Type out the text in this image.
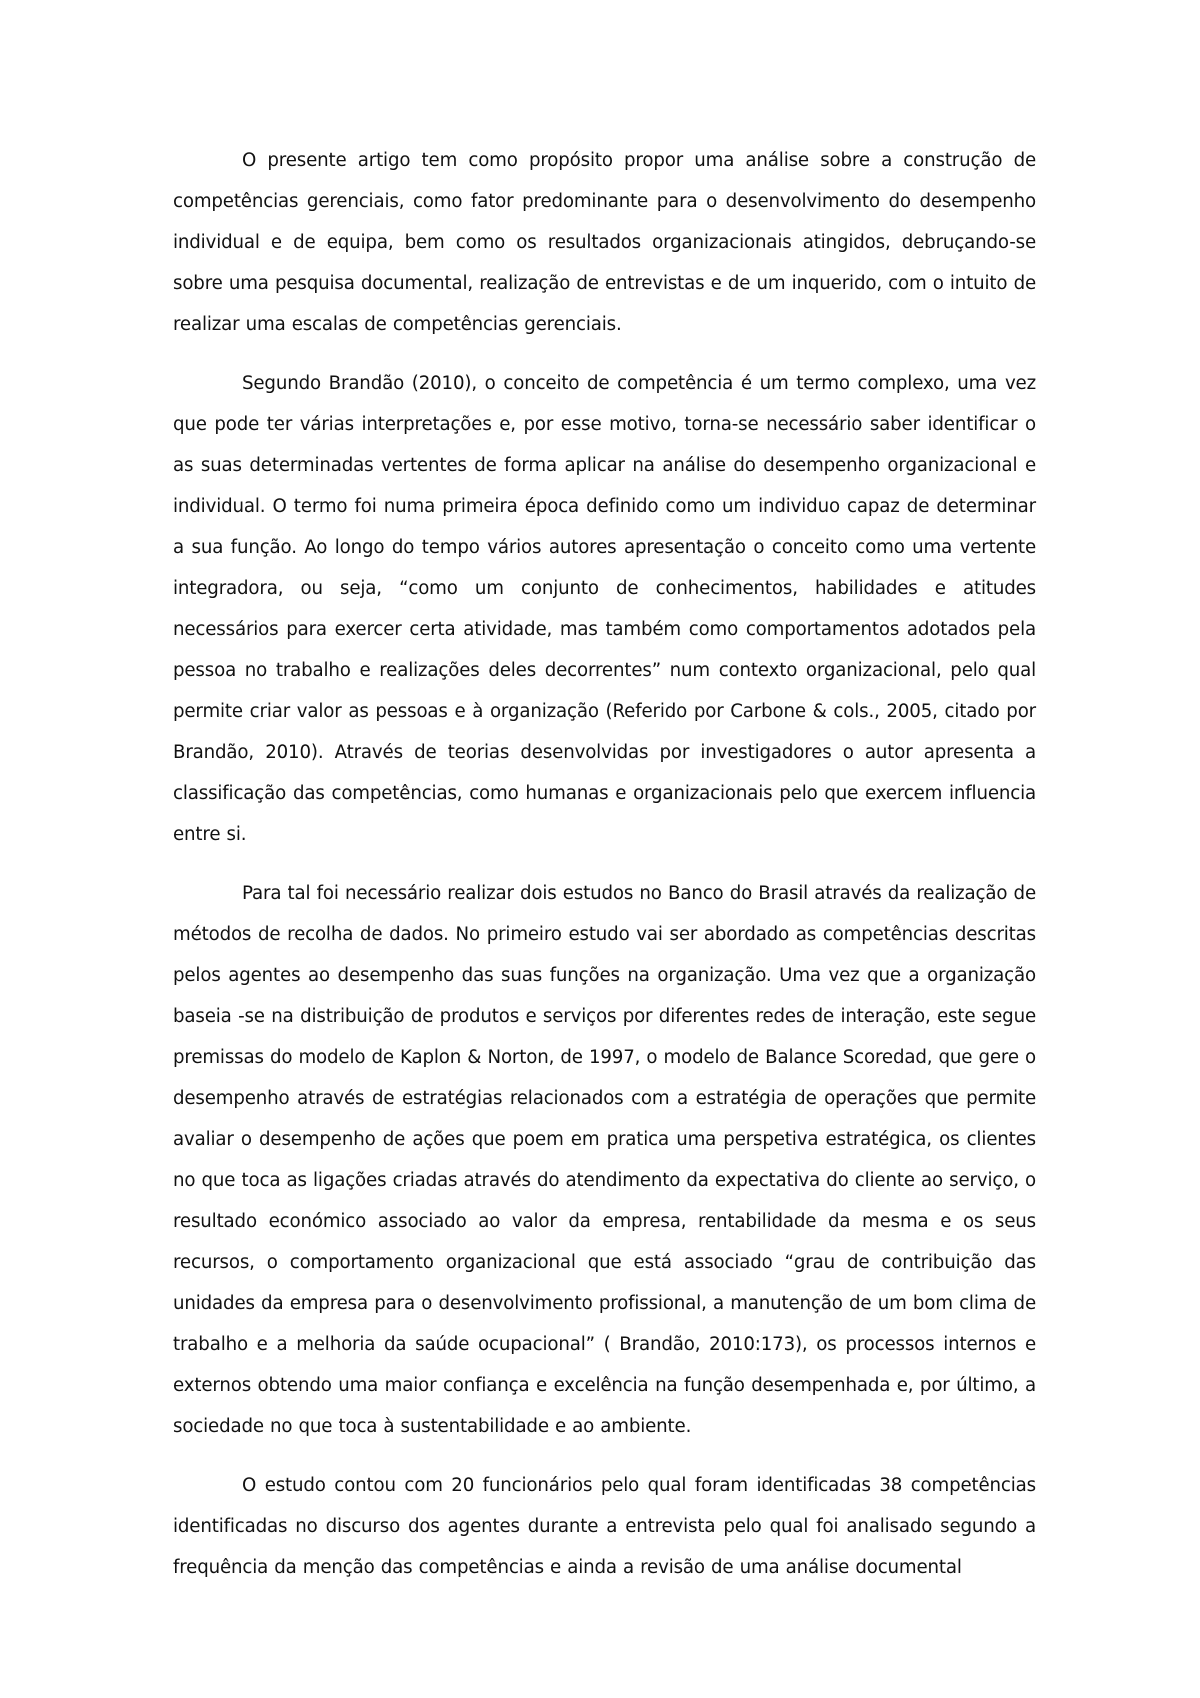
O presente artigo tem como propósito propor uma análise sobre a construção de competências gerenciais, como fator predominante para o desenvolvimento do desempenho individual e de equipa, bem como os resultados organizacionais atingidos, debruçando-se sobre uma pesquisa documental, realização de entrevistas e de um inquerido, com o intuito de realizar uma escalas de competências gerenciais.

Segundo Brandão (2010), o conceito de competência é um termo complexo, uma vez que pode ter várias interpretações e, por esse motivo, torna-se necessário saber identificar o as suas determinadas vertentes de forma aplicar na análise do desempenho organizacional e individual. O termo foi numa primeira época definido como um individuo capaz de determinar a sua função. Ao longo do tempo vários autores apresentação o conceito como uma vertente integradora, ou seja, “como um conjunto de conhecimentos, habilidades e atitudes necessários para exercer certa atividade, mas também como comportamentos adotados pela pessoa no trabalho e realizações deles decorrentes” num contexto organizacional, pelo qual permite criar valor as pessoas e à organização (Referido por Carbone & cols., 2005, citado por Brandão, 2010). Através de teorias desenvolvidas por investigadores o autor apresenta a classificação das competências, como humanas e organizacionais pelo que exercem influencia entre si.

Para tal foi necessário realizar dois estudos no Banco do Brasil através da realização de métodos de recolha de dados. No primeiro estudo vai ser abordado as competências descritas pelos agentes ao desempenho das suas funções na organização. Uma vez que a organização baseia -se na distribuição de produtos e serviços por diferentes redes de interação, este segue premissas do modelo de Kaplon & Norton, de 1997, o modelo de Balance Scoredad, que gere o desempenho através de estratégias relacionados com a estratégia de operações que permite avaliar o desempenho de ações que poem em pratica uma perspetiva estratégica, os clientes no que toca as ligações criadas através do atendimento da expectativa do cliente ao serviço, o resultado económico associado ao valor da empresa, rentabilidade da mesma e os seus recursos, o comportamento organizacional que está associado “grau de contribuição das unidades da empresa para o desenvolvimento profissional, a manutenção de um bom clima de trabalho e a melhoria da saúde ocupacional” ( Brandão, 2010:173), os processos internos e externos obtendo uma maior confiança e excelência na função desempenhada e, por último, a sociedade no que toca à sustentabilidade e ao ambiente.

O estudo contou com 20 funcionários pelo qual foram identificadas 38 competências identificadas no discurso dos agentes durante a entrevista pelo qual foi analisado segundo a frequência da menção das competências e ainda a revisão de uma análise documental
